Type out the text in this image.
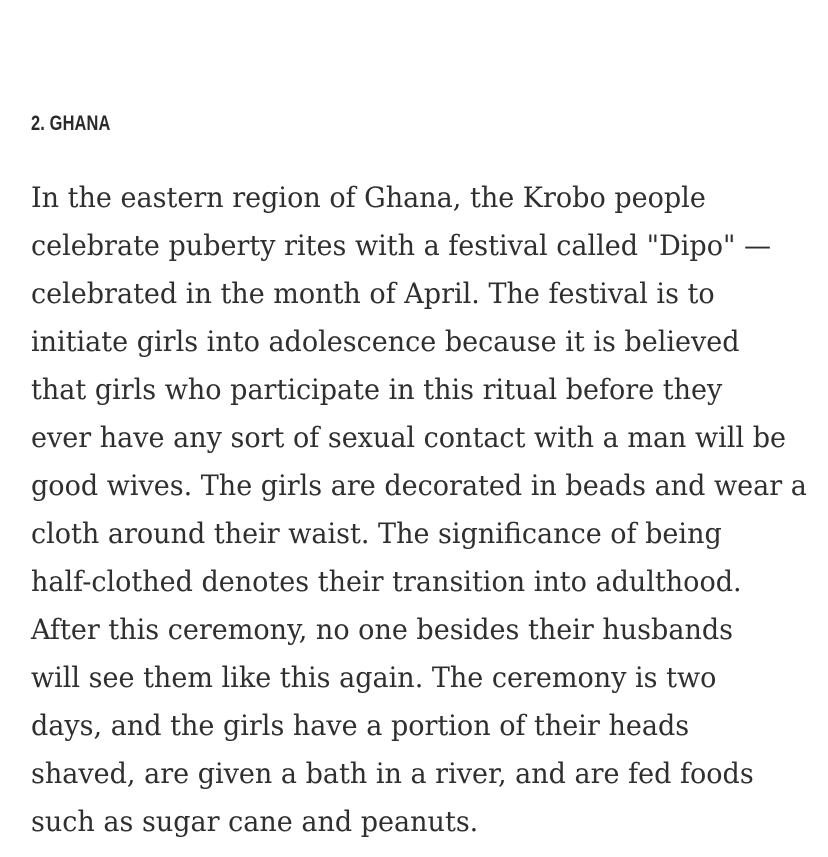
2. GHANA

In the eastern region of Ghana, the Krobo people
celebrate puberty rites with a festival called "Dipo" —
celebrated in the month of April. The festival is to
initiate girls into adolescence because it is believed
that girls who participate in this ritual before they
ever have any sort of sexual contact with a man will be
good wives. The girls are decorated in beads and wear a
cloth around their waist. The significance of being
half-clothed denotes their transition into adulthood.
After this ceremony, no one besides their husbands
will see them like this again. The ceremony is two
days, and the girls have a portion of their heads
shaved, are given a bath in a river, and are fed foods
such as sugar cane and peanuts.
